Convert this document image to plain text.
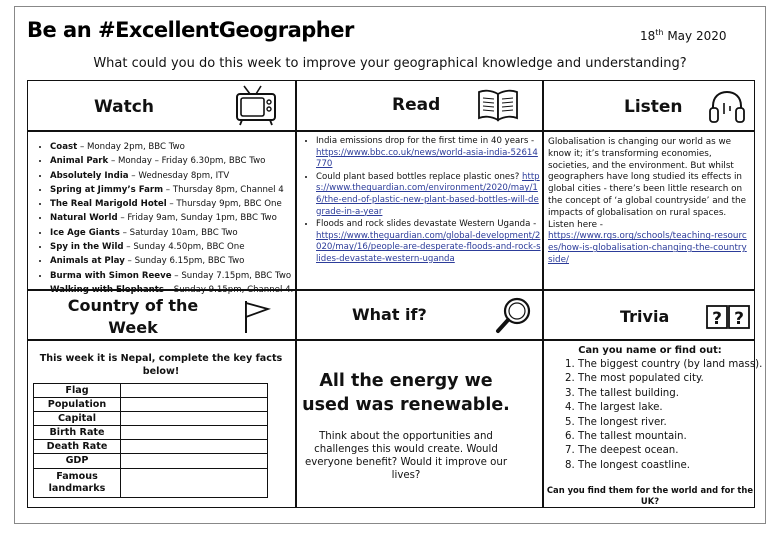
Be an #ExcellentGeographer	18th May 2020
What could you do this week to improve your geographical knowledge and understanding?
Watch	Read	Listen
• Coast – Monday 2pm, BBC Two
• Animal Park – Monday – Friday 6.30pm, BBC Two
• Absolutely India – Wednesday 8pm, ITV
• Spring at Jimmy’s Farm – Thursday 8pm, Channel 4
• The Real Marigold Hotel – Thursday 9pm, BBC One
• Natural World – Friday 9am, Sunday 1pm, BBC Two
• Ice Age Giants – Saturday 10am, BBC Two
• Spy in the Wild – Sunday 4.50pm, BBC One
• Animals at Play – Sunday 6.15pm, BBC Two
• Burma with Simon Reeve – Sunday 7.15pm, BBC Two
• Walking with Elephants – Sunday 9.15pm, Channel 4.
• India emissions drop for the first time in 40 years - https://www.bbc.co.uk/news/world-asia-india-52614770
• Could plant based bottles replace plastic ones? https://www.theguardian.com/environment/2020/may/16/the-end-of-plastic-new-plant-based-bottles-will-degrade-in-a-year
• Floods and rock slides devastate Western Uganda - https://www.theguardian.com/global-development/2020/may/16/people-are-desperate-floods-and-rock-slides-devastate-western-uganda
Globalisation is changing our world as we know it; it’s transforming economies, societies, and the environment. But whilst geographers have long studied its effects in global cities - there’s been little research on the concept of ‘a global countryside’ and the impacts of globalisation on rural spaces.
Listen here -
https://www.rgs.org/schools/teaching-resources/how-is-globalisation-changing-the-countryside/
Country of the
Week
What if?	Trivia	? ?
This week it is Nepal, complete the key facts below!
Flag	
Population	
Capital	
Birth Rate	
Death Rate	
GDP	
Famous landmarks	
All the energy we used was renewable.
Think about the opportunities and challenges this would create. Would everyone benefit? Would it improve our lives?
Can you name or find out:
1. The biggest country (by land mass).
2. The most populated city.
3. The tallest building.
4. The largest lake.
5. The longest river.
6. The tallest mountain.
7. The deepest ocean.
8. The longest coastline.
Can you find them for the world and for the UK?
